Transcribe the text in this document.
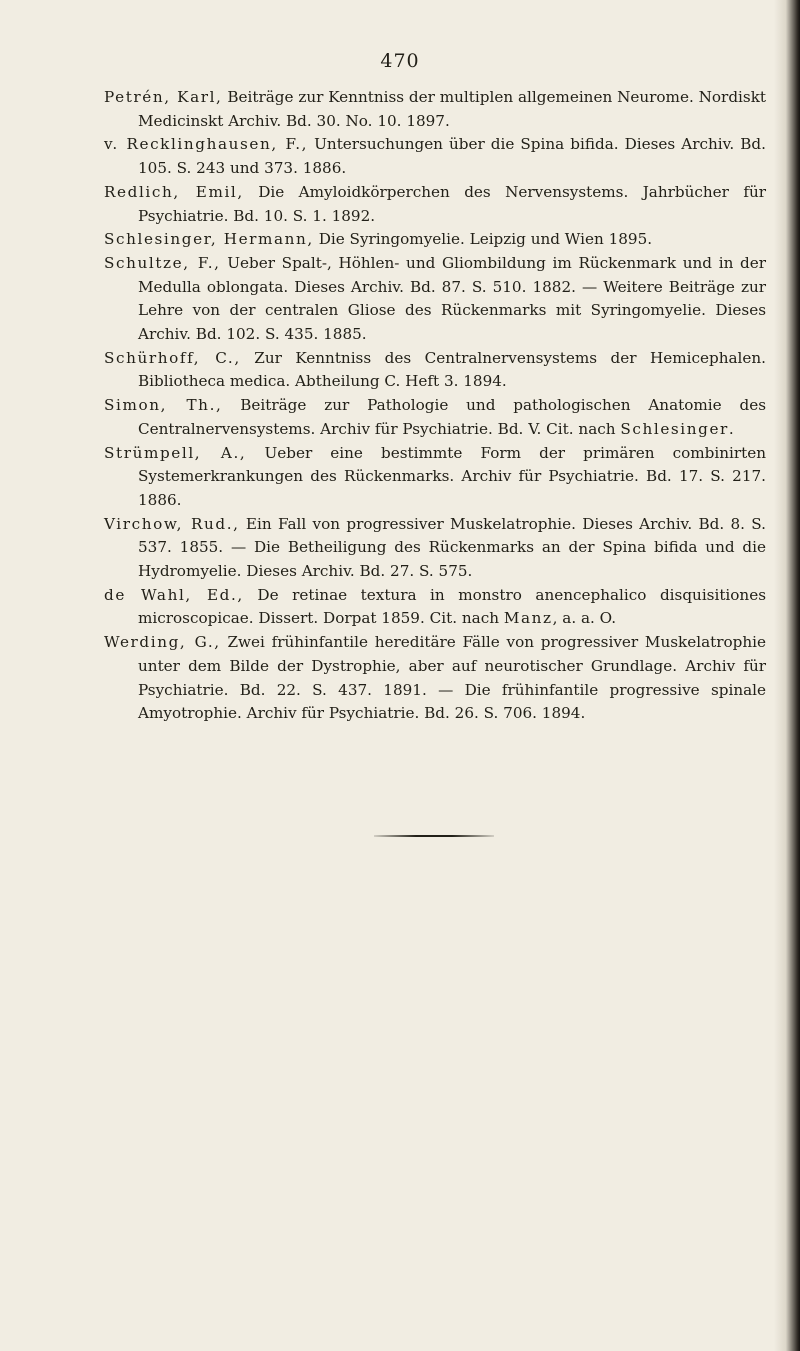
470
Petrén, Karl, Beiträge zur Kenntniss der multiplen allgemeinen Neurome. Nordiskt Medicinskt Archiv. Bd. 30. No. 10. 1897.
v. Recklinghausen, F., Untersuchungen über die Spina bifida. Dieses Archiv. Bd. 105. S. 243 und 373. 1886.
Redlich, Emil, Die Amyloidkörperchen des Nervensystems. Jahrbücher für Psychiatrie. Bd. 10. S. 1. 1892.
Schlesinger, Hermann, Die Syringomyelie. Leipzig und Wien 1895.
Schultze, F., Ueber Spalt-, Höhlen- und Gliombildung im Rückenmark und in der Medulla oblongata. Dieses Archiv. Bd. 87. S. 510. 1882. — Weitere Beiträge zur Lehre von der centralen Gliose des Rückenmarks mit Syringomyelie. Dieses Archiv. Bd. 102. S. 435. 1885.
Schürhoff, C., Zur Kenntniss des Centralnervensystems der Hemicephalen. Bibliotheca medica. Abtheilung C. Heft 3. 1894.
Simon, Th., Beiträge zur Pathologie und pathologischen Anatomie des Centralnervensystems. Archiv für Psychiatrie. Bd. V. Cit. nach Schlesinger.
Strümpell, A., Ueber eine bestimmte Form der primären combinirten Systemerkrankungen des Rückenmarks. Archiv für Psychiatrie. Bd. 17. S. 217. 1886.
Virchow, Rud., Ein Fall von progressiver Muskelatrophie. Dieses Archiv. Bd. 8. S. 537. 1855. — Die Betheiligung des Rückenmarks an der Spina bifida und die Hydromyelie. Dieses Archiv. Bd. 27. S. 575.
de Wahl, Ed., De retinae textura in monstro anencephalico disquisitiones microscopicae. Dissert. Dorpat 1859. Cit. nach Manz, a. a. O.
Werding, G., Zwei frühinfantile hereditäre Fälle von progressiver Muskelatrophie unter dem Bilde der Dystrophie, aber auf neurotischer Grundlage. Archiv für Psychiatrie. Bd. 22. S. 437. 1891. — Die frühinfantile progressive spinale Amyotrophie. Archiv für Psychiatrie. Bd. 26. S. 706. 1894.
